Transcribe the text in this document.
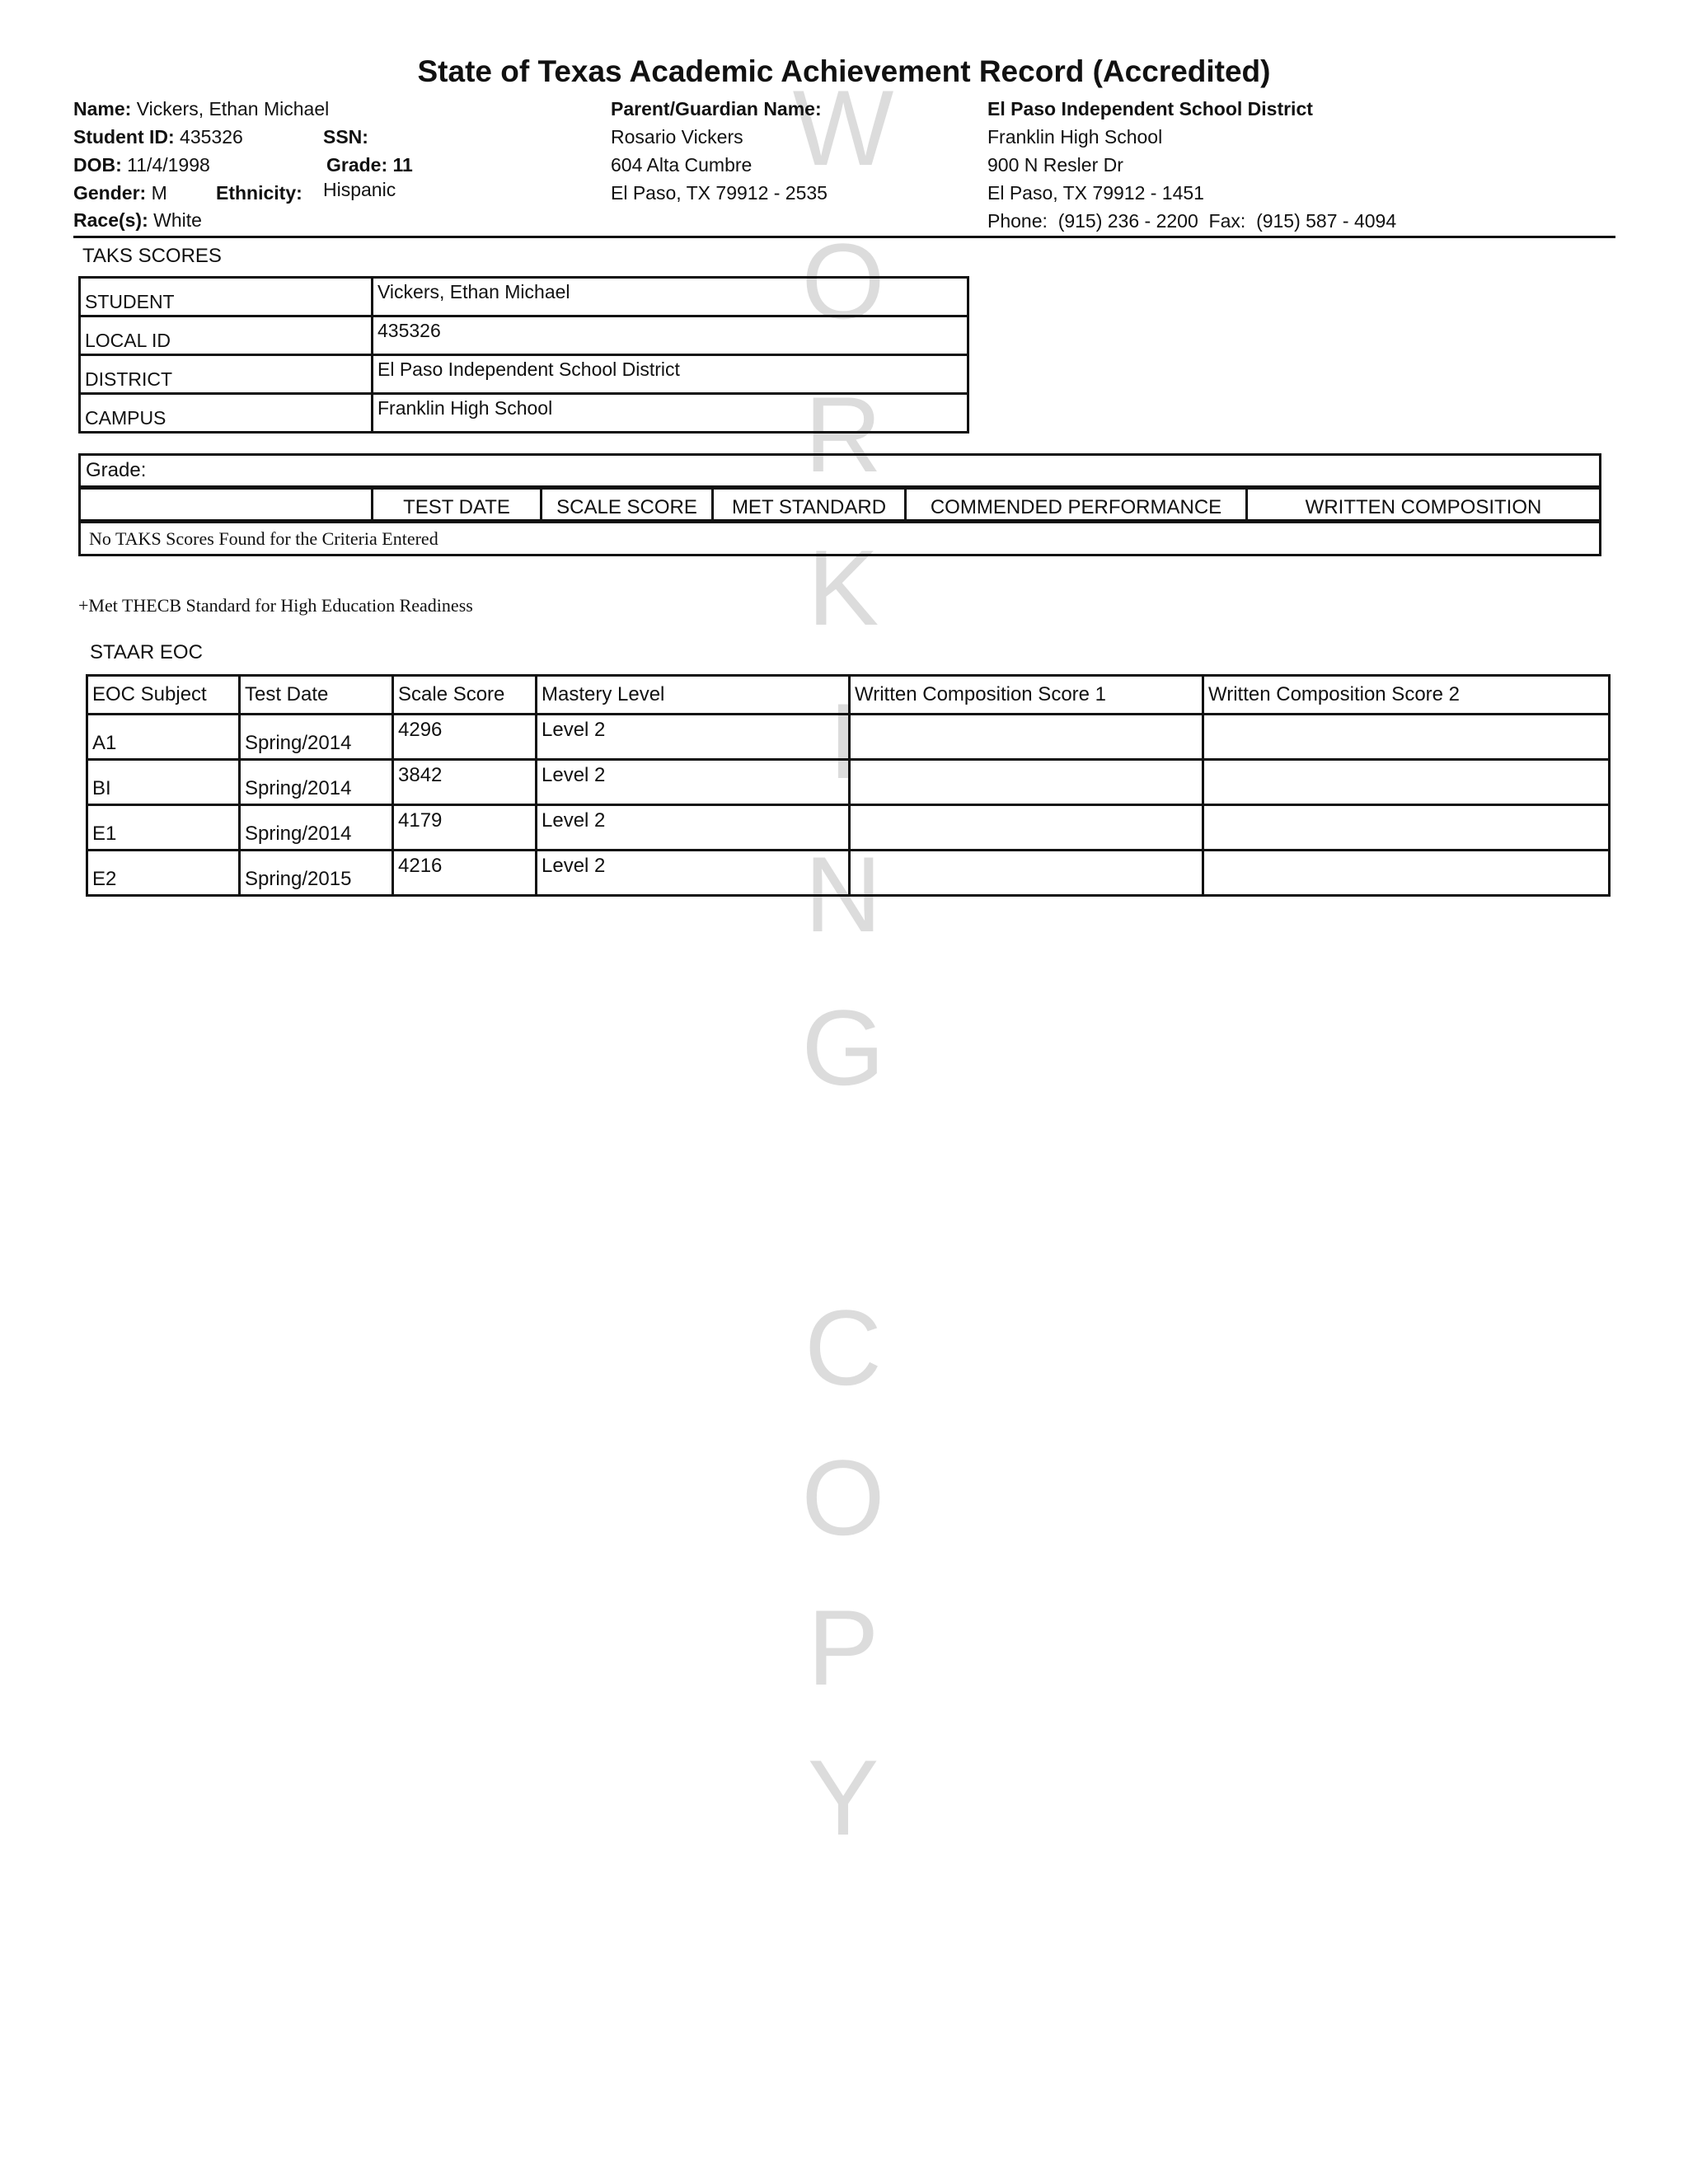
W
O
R
K
I
N
G
C
O
P
Y
State of Texas Academic Achievement Record (Accredited)
Name: Vickers, Ethan Michael
Student ID: 435326	SSN:
DOB: 11/4/1998	Grade: 11
Gender: M	Ethnicity: Hispanic
Race(s): White
Parent/Guardian Name:
Rosario Vickers
604 Alta Cumbre
El Paso, TX 79912 - 2535
El Paso Independent School District
Franklin High School
900 N Resler Dr
El Paso, TX 79912 - 1451
Phone: (915) 236 - 2200 Fax: (915) 587 - 4094
TAKS SCORES
STUDENT	Vickers, Ethan Michael
LOCAL ID	435326
DISTRICT	El Paso Independent School District
CAMPUS	Franklin High School
Grade:
	TEST DATE	SCALE SCORE	MET STANDARD	COMMENDED PERFORMANCE	WRITTEN COMPOSITION
No TAKS Scores Found for the Criteria Entered
+Met THECB Standard for High Education Readiness
STAAR EOC
EOC Subject	Test Date	Scale Score	Mastery Level	Written Composition Score 1	Written Composition Score 2
A1	Spring/2014	4296	Level 2		
BI	Spring/2014	3842	Level 2		
E1	Spring/2014	4179	Level 2		
E2	Spring/2015	4216	Level 2		
